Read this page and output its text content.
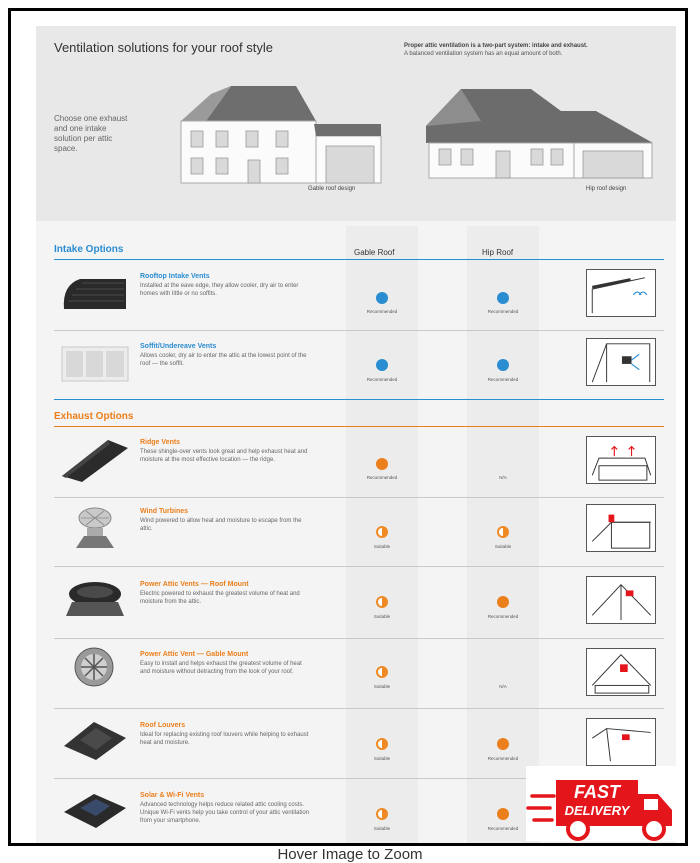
Ventilation solutions for your roof style	Proper attic ventilation is a two-part system: intake and exhaust.
A balanced ventilation system has an equal amount of both.
Choose one exhaust and one intake solution per attic space.
Gable roof design	Hip roof design
Intake Options	Gable Roof	Hip Roof
Rooftop Intake Vents
Installed at the eave edge, they allow cooler, dry air to enter homes with little or no soffits.
Recommended	Recommended
Soffit/Undereave Vents
Allows cooler, dry air to enter the attic at the lowest point of the roof — the soffit.
Recommended	Recommended
Exhaust Options
Ridge Vents
These shingle-over vents look great and help exhaust heat and moisture at the most effective location — the ridge.
Recommended	N/A
Wind Turbines
Wind powered to allow heat and moisture to escape from the attic.
Suitable	Suitable
Power Attic Vents — Roof Mount
Electric powered to exhaust the greatest volume of heat and moisture from the attic.
Suitable	Recommended
Power Attic Vent — Gable Mount
Easy to install and helps exhaust the greatest volume of heat and moisture without detracting from the look of your roof.
Suitable	N/A
Roof Louvers
Ideal for replacing existing roof louvers while helping to exhaust heat and moisture.
Suitable	Recommended
Solar & Wi-Fi Vents
Advanced technology helps reduce related attic cooling costs. Unique Wi-Fi vents help you take control of your attic ventilation from your smartphone.
Suitable	Recommended
FAST
DELIVERY
Hover Image to Zoom
